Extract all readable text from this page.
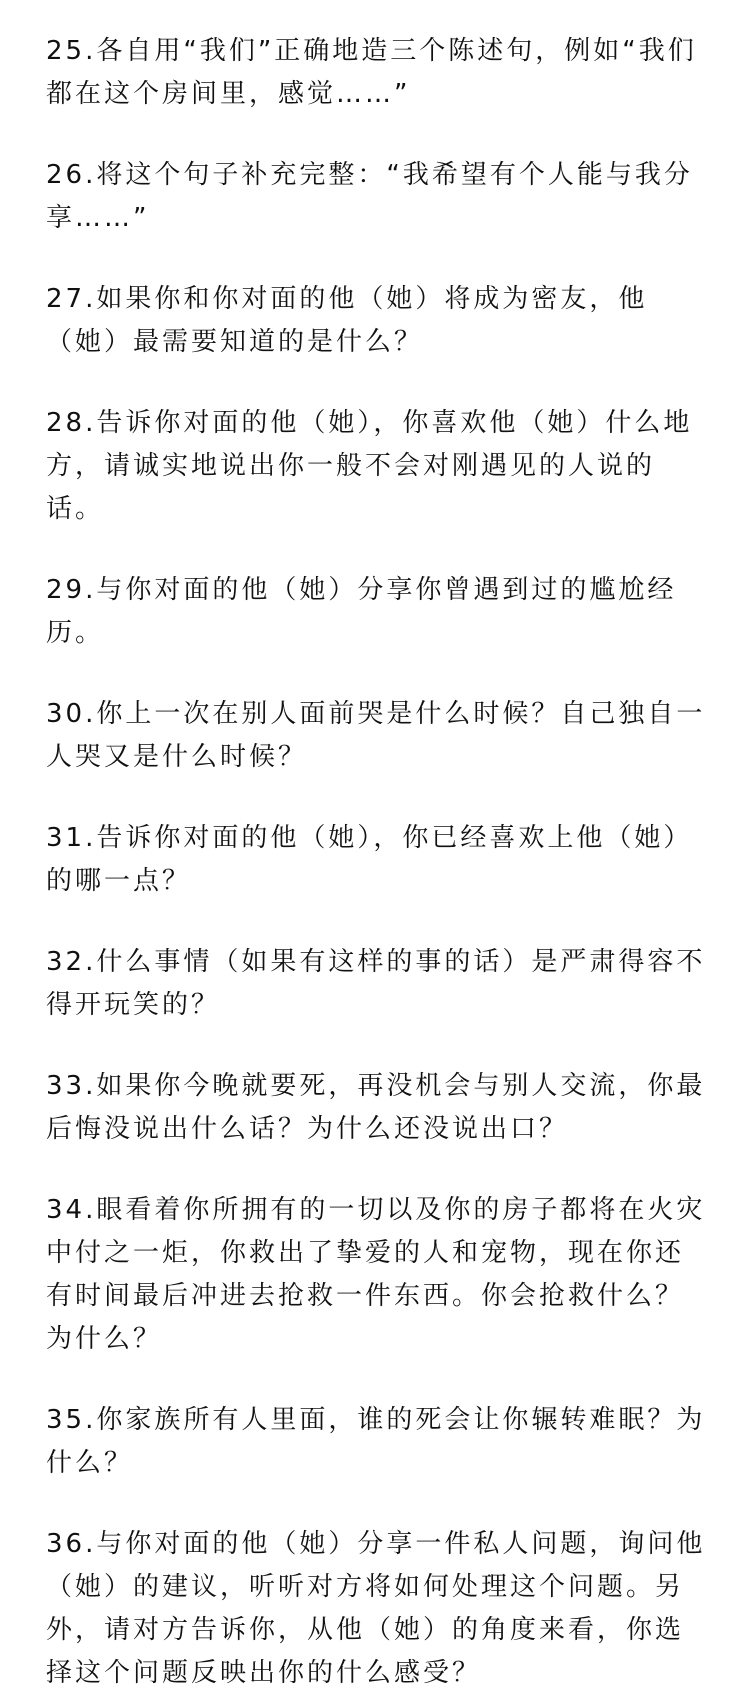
25.各自用“我们”正确地造三个陈述句，例如“我们都在这个房间里，感觉……”

26.将这个句子补充完整：“我希望有个人能与我分享……”

27.如果你和你对面的他（她）将成为密友，他（她）最需要知道的是什么？

28.告诉你对面的他（她），你喜欢他（她）什么地方，请诚实地说出你一般不会对刚遇见的人说的话。

29.与你对面的他（她）分享你曾遇到过的尴尬经历。

30.你上一次在别人面前哭是什么时候？自己独自一人哭又是什么时候？

31.告诉你对面的他（她），你已经喜欢上他（她）的哪一点？

32.什么事情（如果有这样的事的话）是严肃得容不得开玩笑的？

33.如果你今晚就要死，再没机会与别人交流，你最后悔没说出什么话？为什么还没说出口？

34.眼看着你所拥有的一切以及你的房子都将在火灾中付之一炬，你救出了挚爱的人和宠物，现在你还有时间最后冲进去抢救一件东西。你会抢救什么？为什么？

35.你家族所有人里面，谁的死会让你辗转难眠？为什么？

36.与你对面的他（她）分享一件私人问题，询问他（她）的建议，听听对方将如何处理这个问题。另外，请对方告诉你，从他（她）的角度来看，你选择这个问题反映出你的什么感受？
